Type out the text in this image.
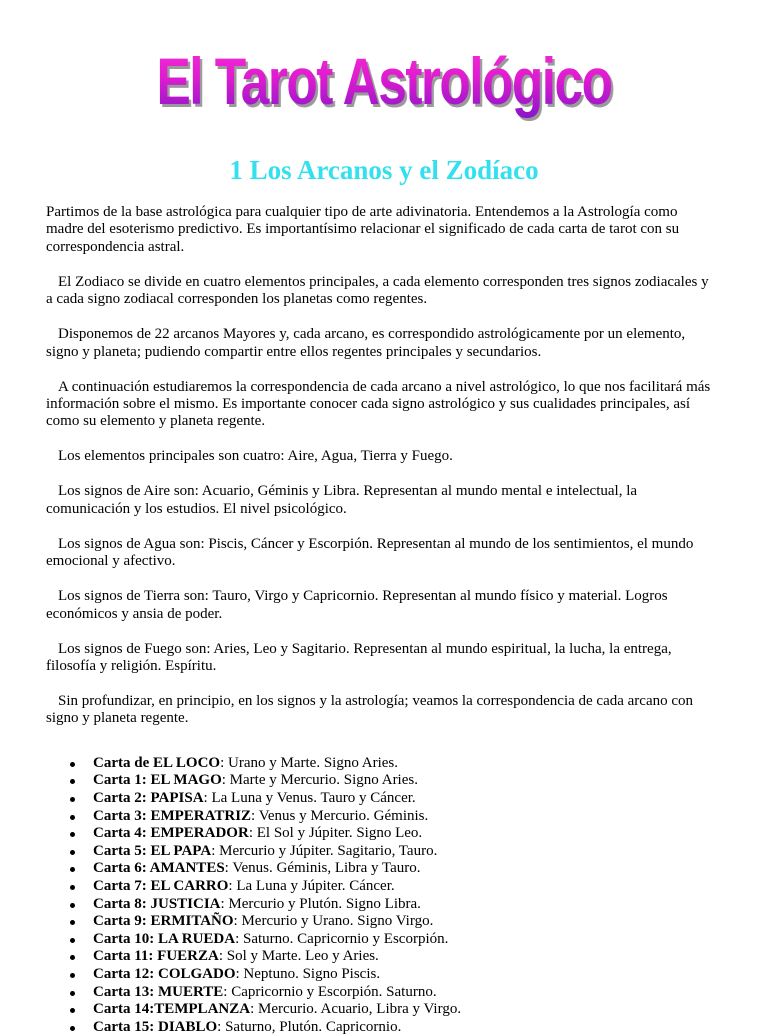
El Tarot Astrológico
1 Los Arcanos y el Zodíaco

Partimos de la base astrológica para cualquier tipo de arte adivinatoria. Entendemos a la Astrología como madre del esoterismo predictivo. Es importantísimo relacionar el significado de cada carta de tarot con su correspondencia astral.

El Zodiaco se divide en cuatro elementos principales, a cada elemento corresponden tres signos zodiacales y a cada signo zodiacal corresponden los planetas como regentes.

Disponemos de 22 arcanos Mayores y, cada arcano, es correspondido astrológicamente por un elemento, signo y planeta; pudiendo compartir entre ellos regentes principales y secundarios.

A continuación estudiaremos la correspondencia de cada arcano a nivel astrológico, lo que nos facilitará más información sobre el mismo. Es importante conocer cada signo astrológico y sus cualidades principales, así como su elemento y planeta regente.

Los elementos principales son cuatro: Aire, Agua, Tierra y Fuego.

Los signos de Aire son: Acuario, Géminis y Libra. Representan al mundo mental e intelectual, la comunicación y los estudios. El nivel psicológico.

Los signos de Agua son: Piscis, Cáncer y Escorpión. Representan al mundo de los sentimientos, el mundo emocional y afectivo.

Los signos de Tierra son: Tauro, Virgo y Capricornio. Representan al mundo físico y material. Logros económicos y ansia de poder.

Los signos de Fuego son: Aries, Leo y Sagitario. Representan al mundo espiritual, la lucha, la entrega, filosofía y religión. Espíritu.

Sin profundizar, en principio, en los signos y la astrología; veamos la correspondencia de cada arcano con signo y planeta regente.

Carta de EL LOCO: Urano y Marte. Signo Aries.
Carta 1: EL MAGO: Marte y Mercurio. Signo Aries.
Carta 2: PAPISA: La Luna y Venus. Tauro y Cáncer.
Carta 3: EMPERATRIZ: Venus y Mercurio. Géminis.
Carta 4: EMPERADOR: El Sol y Júpiter. Signo Leo.
Carta 5: EL PAPA: Mercurio y Júpiter. Sagitario, Tauro.
Carta 6: AMANTES: Venus. Géminis, Libra y Tauro.
Carta 7: EL CARRO: La Luna y Júpiter. Cáncer.
Carta 8: JUSTICIA: Mercurio y Plutón. Signo Libra.
Carta 9: ERMITAÑO: Mercurio y Urano. Signo Virgo.
Carta 10: LA RUEDA: Saturno. Capricornio y Escorpión.
Carta 11: FUERZA: Sol y Marte. Leo y Aries.
Carta 12: COLGADO: Neptuno. Signo Piscis.
Carta 13: MUERTE: Capricornio y Escorpión. Saturno.
Carta 14:TEMPLANZA: Mercurio. Acuario, Libra y Virgo.
Carta 15: DIABLO: Saturno, Plutón. Capricornio.
